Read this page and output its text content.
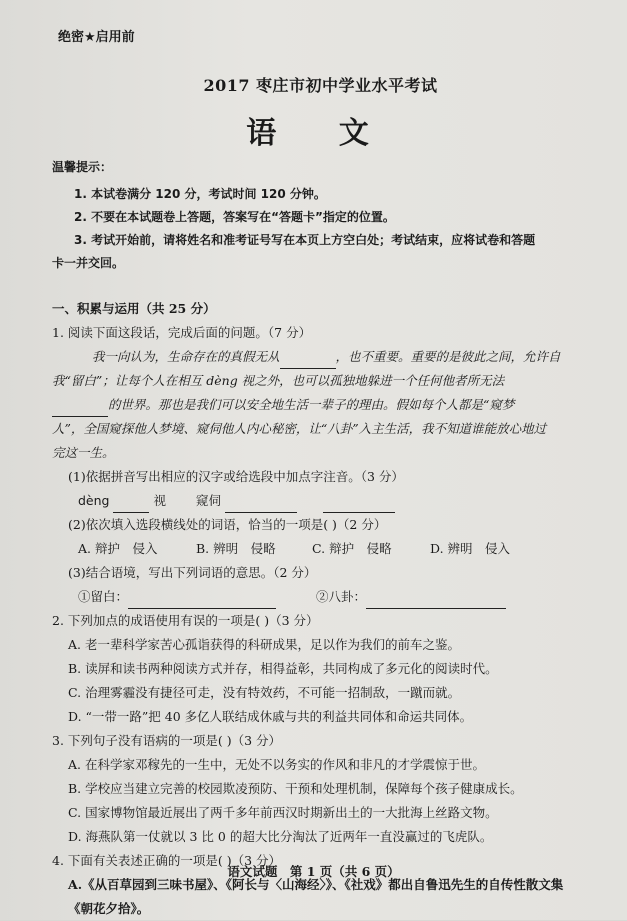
绝密★启用前
2017 枣庄市初中学业水平考试
语 文
温馨提示：
1. 本试卷满分 120 分，考试时间 120 分钟。
2. 不要在本试题卷上答题，答案写在“答题卡”指定的位置。
3. 考试开始前，请将姓名和准考证号写在本页上方空白处；考试结束，应将试卷和答题
卡一并交回。
一、积累与运用（共 25 分）
1. 阅读下面这段话，完成后面的问题。（7 分）
我一向认为，生命存在的真假无从	，也不重要。重要的是彼此之间，允许自
我“留白”；让每个人在相互 dèng 视之外，也可以孤独地躲进一个任何他者所无法
的世界。那也是我们可以安全地生活一辈子的理由。假如每个人都是“窥梦
人”，全国窥探他人梦境、窥伺他人内心秘密，让“八卦”入主生活，我不知道谁能放心地过
完这一生。
(1)依据拼音写出相应的汉字或给选段中加点字注音。（3 分）
dèng	视 窥伺
(2)依次填入选段横线处的词语，恰当的一项是( )（2 分）
A. 辩护　侵入	B. 辨明　侵略	C. 辩护　侵略	D. 辨明　侵入
(3)结合语境，写出下列词语的意思。（2 分）
①留白：	②八卦：
2. 下列加点的成语使用有误的一项是( )（3 分）
A. 老一辈科学家苦心孤诣获得的科研成果，足以作为我们的前车之鉴。
B. 读屏和读书两种阅读方式并存，相得益彰，共同构成了多元化的阅读时代。
C. 治理雾霾没有捷径可走，没有特效药，不可能一招制敌，一蹴而就。
D. “一带一路”把 40 多亿人联结成休戚与共的利益共同体和命运共同体。
3. 下列句子没有语病的一项是( )（3 分）
A. 在科学家邓稼先的一生中，无处不以务实的作风和非凡的才学震惊于世。
B. 学校应当建立完善的校园欺凌预防、干预和处理机制，保障每个孩子健康成长。
C. 国家博物馆最近展出了两千多年前西汉时期新出土的一大批海上丝路文物。
D. 海燕队第一仗就以 3 比 0 的超大比分淘汰了近两年一直没赢过的飞虎队。
4. 下面有关表述正确的一项是( )（3 分）
A.《从百草园到三味书屋》、《阿长与〈山海经〉》、《社戏》都出自鲁迅先生的自传性散文集
《朝花夕拾》。
语文试题　第 1 页（共 6 页）
